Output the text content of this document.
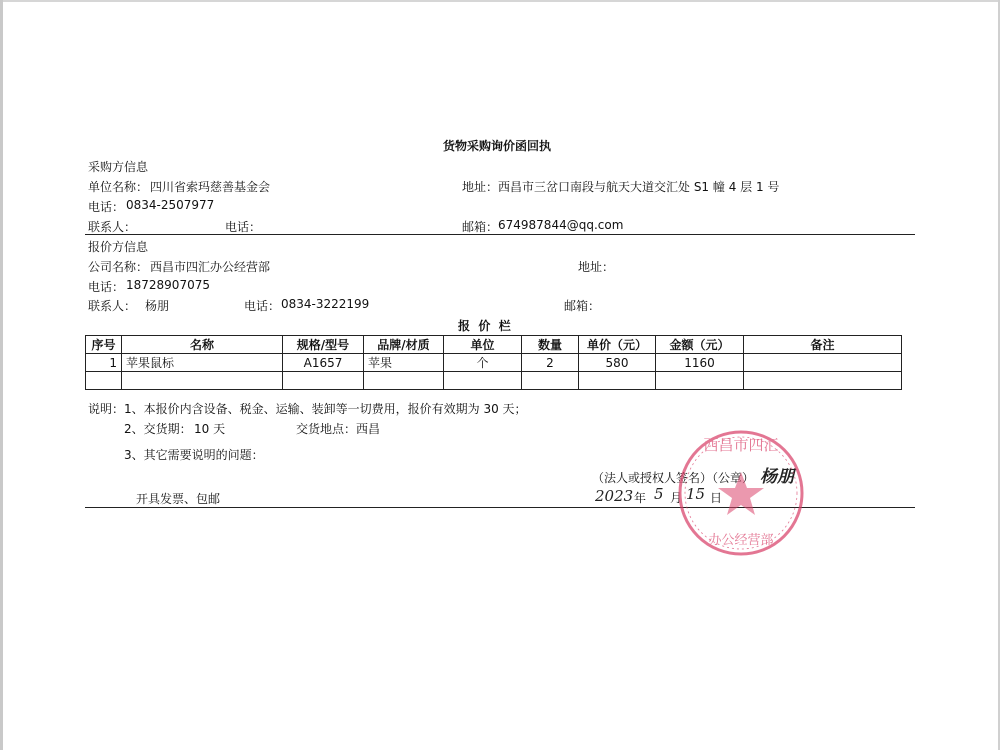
货物采购询价函回执
采购方信息
单位名称： 四川省索玛慈善基金会	地址： 西昌市三岔口南段与航天大道交汇处 S1 幢 4 层 1 号
电话： 0834-2507977
联系人：	电话：	邮箱： 674987844@qq.com
报价方信息
公司名称： 西昌市四汇办公经营部	地址：
电话： 18728907075
联系人： 杨朋	电话： 0834-3222199	邮箱：
报  价  栏
序号	名称	规格/型号	品牌/材质	单位	数量	单价（元）	金额（元）	备注
1	苹果鼠标	A1657	苹果	个	2	580	1160	

说明：1、本报价内含设备、税金、运输、装卸等一切费用，报价有效期为 30 天；
2、交货期： 10 天	交货地点：西昌
3、其它需要说明的问题：
开具发票、包邮
（法人或授权人签名）（公章） 杨朋
2023 年 5 月 15 日
西昌市四汇
办公经营部
